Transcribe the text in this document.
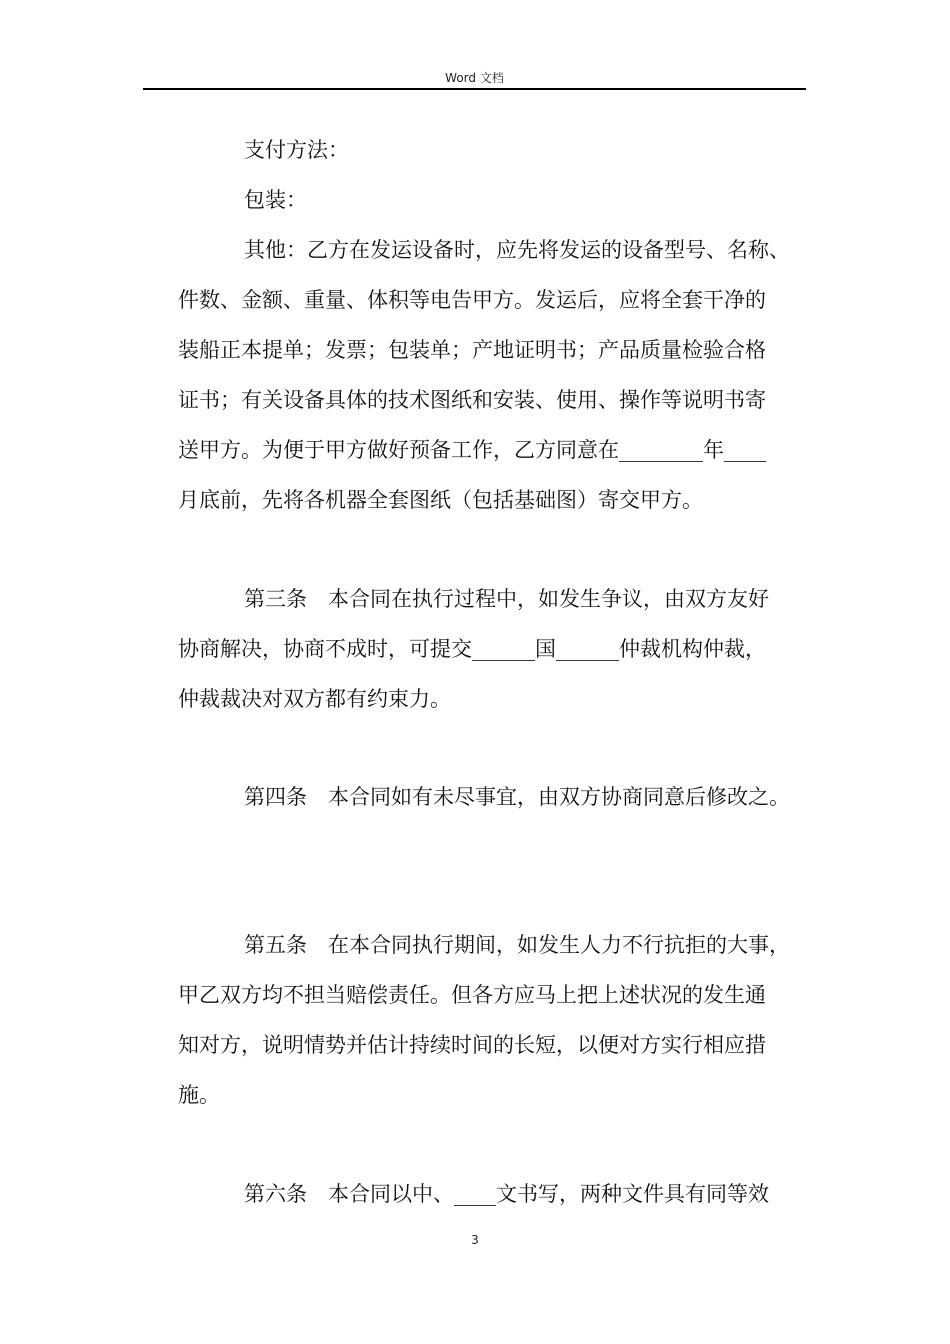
Word 文档
支付方法：
包装：
其他：乙方在发运设备时，应先将发运的设备型号、名称、
件数、金额、重量、体积等电告甲方。发运后，应将全套干净的
装船正本提单；发票；包装单；产地证明书；产品质量检验合格
证书；有关设备具体的技术图纸和安装、使用、操作等说明书寄
送甲方。为便于甲方做好预备工作，乙方同意在________年____
月底前，先将各机器全套图纸（包括基础图）寄交甲方。
第三条　本合同在执行过程中，如发生争议，由双方友好
协商解决，协商不成时，可提交______国______仲裁机构仲裁，
仲裁裁决对双方都有约束力。
第四条　本合同如有未尽事宜，由双方协商同意后修改之。
第五条　在本合同执行期间，如发生人力不行抗拒的大事，
甲乙双方均不担当赔偿责任。但各方应马上把上述状况的发生通
知对方，说明情势并估计持续时间的长短，以便对方实行相应措
施。
第六条　本合同以中、____文书写，两种文件具有同等效
3
